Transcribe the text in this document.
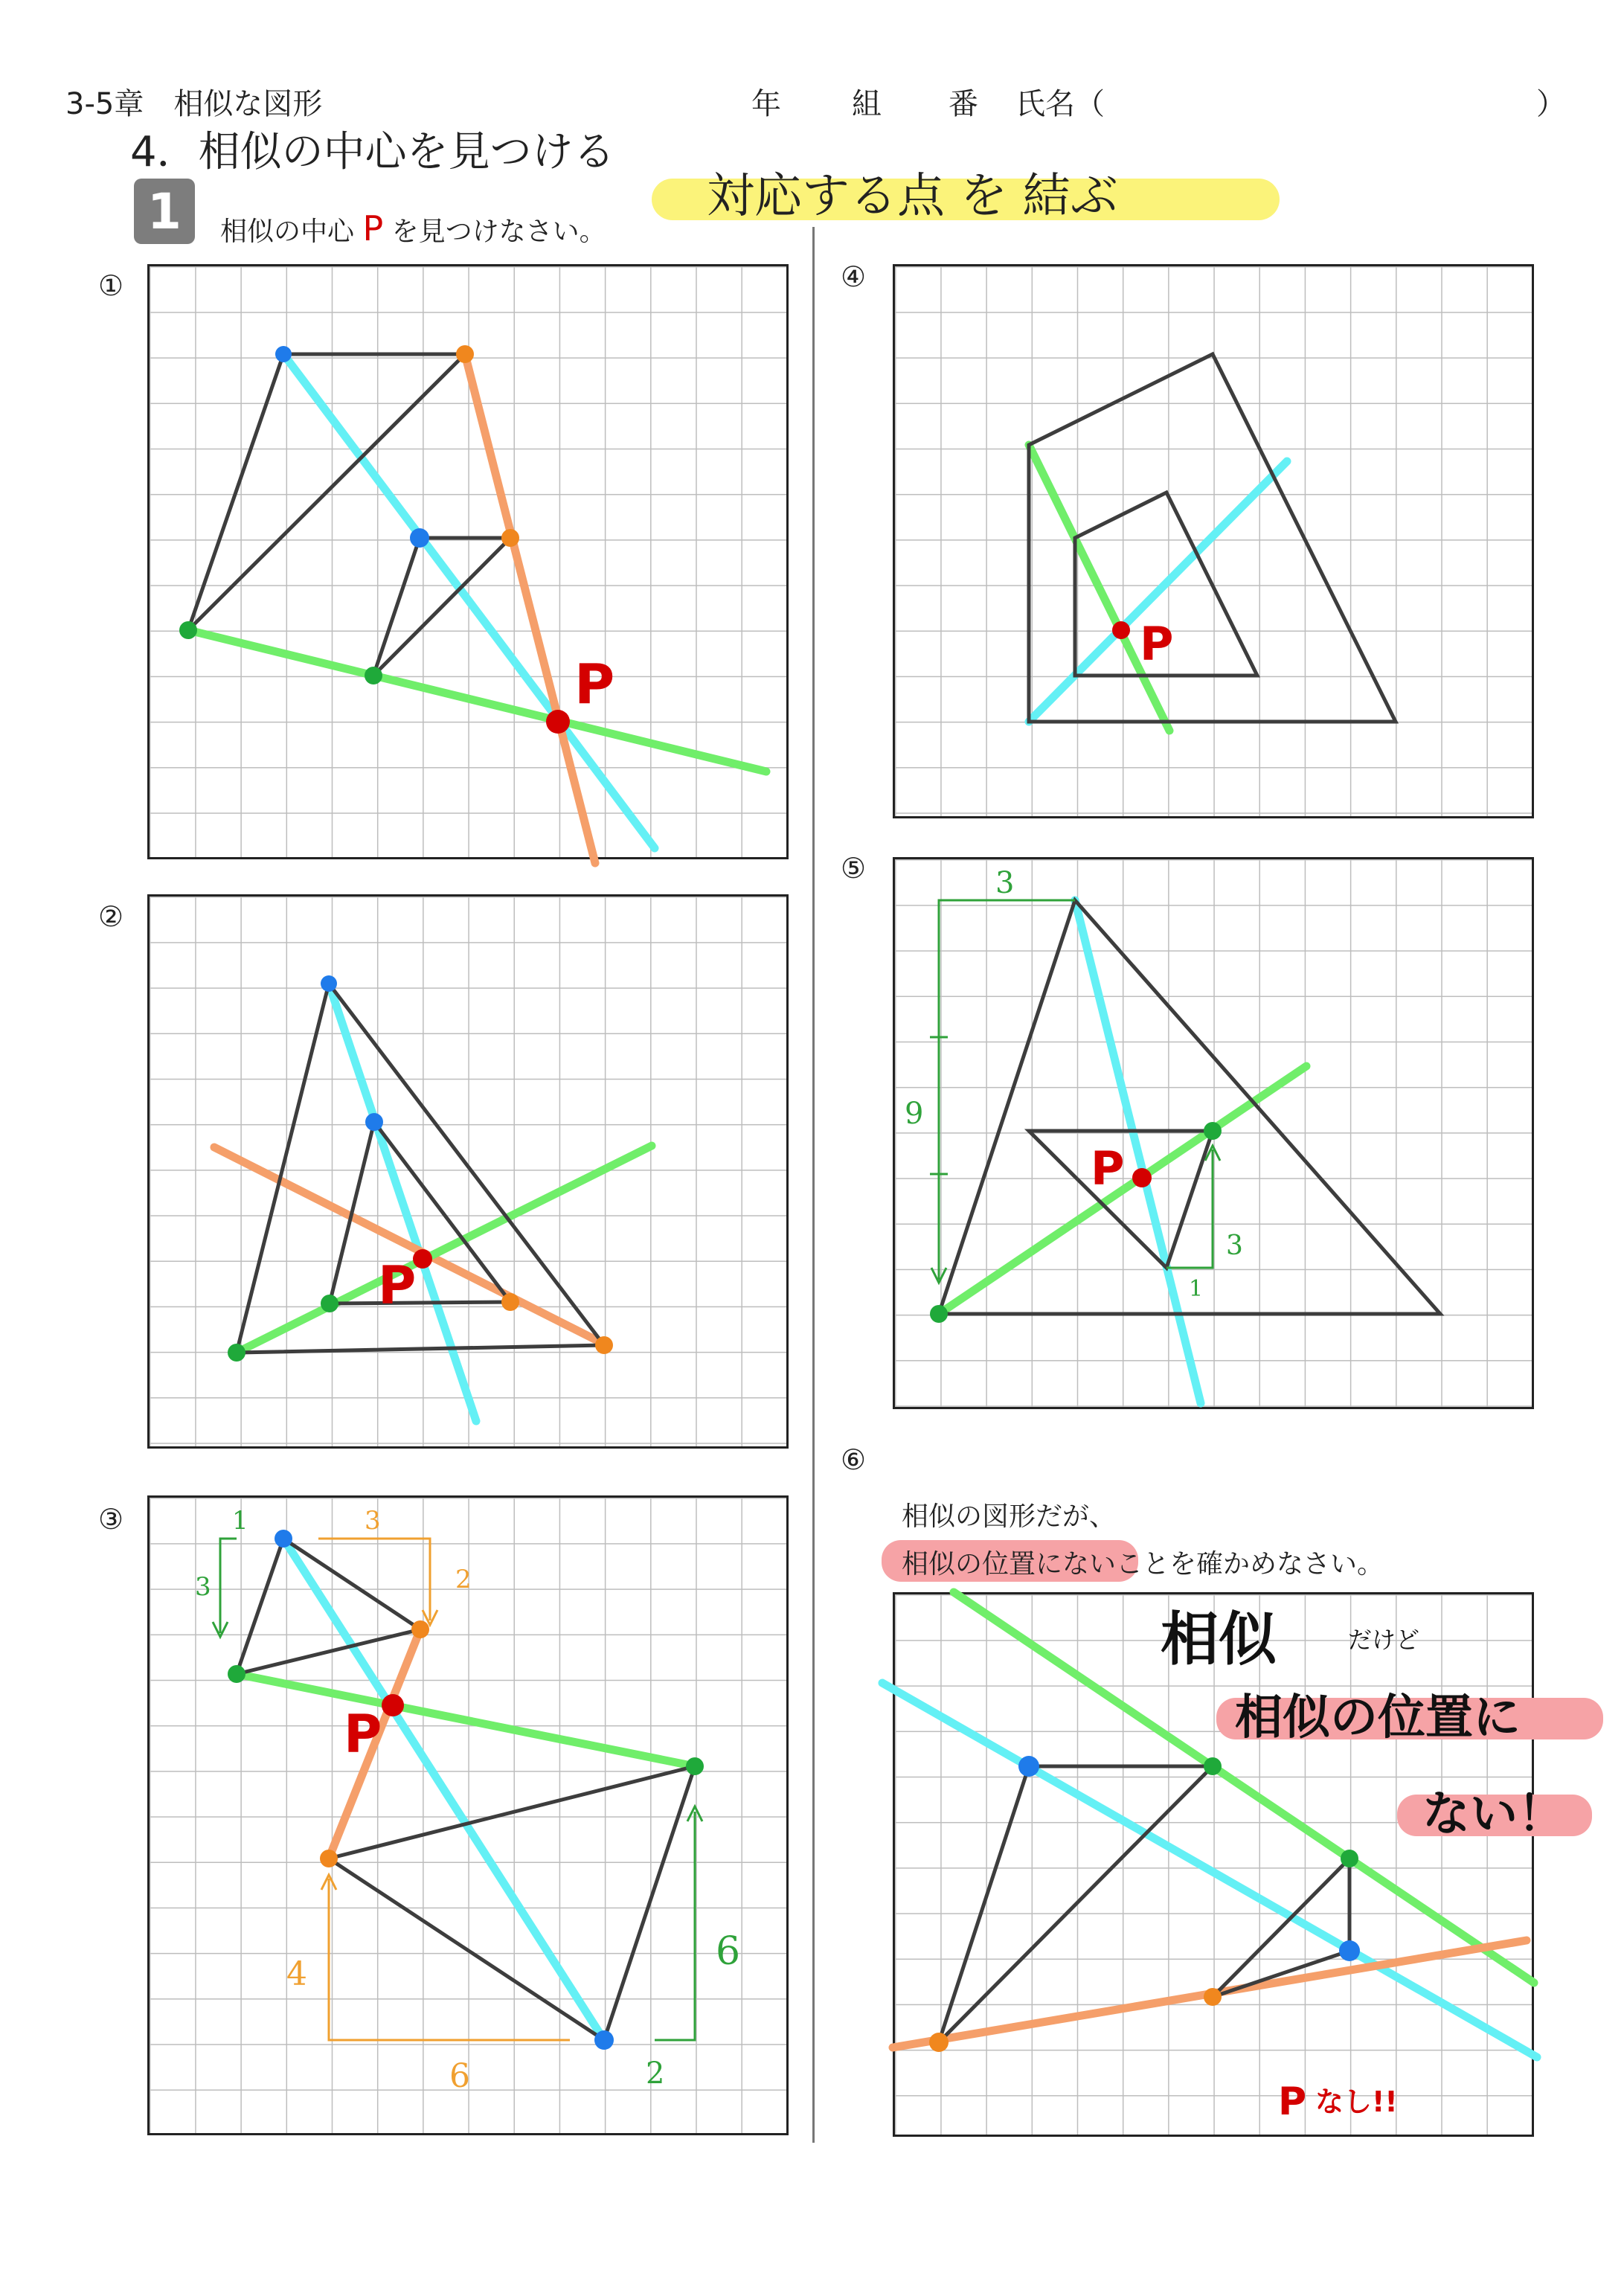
3-5章　相似な図形	年 組 番 氏名（	）
4．相似の中心を見つける
1	相似の中心 P を見つけなさい。
対応する点 を 結ぶ
①
②
③
④
⑤
⑥
相似の図形だが、
相似の位置にないことを確かめなさい。
P
P
1
3
3
2
4
6
6
2
P
P
3
9
3
1
P
相似	だけど
相似の位置に
ない！
P なし!!
